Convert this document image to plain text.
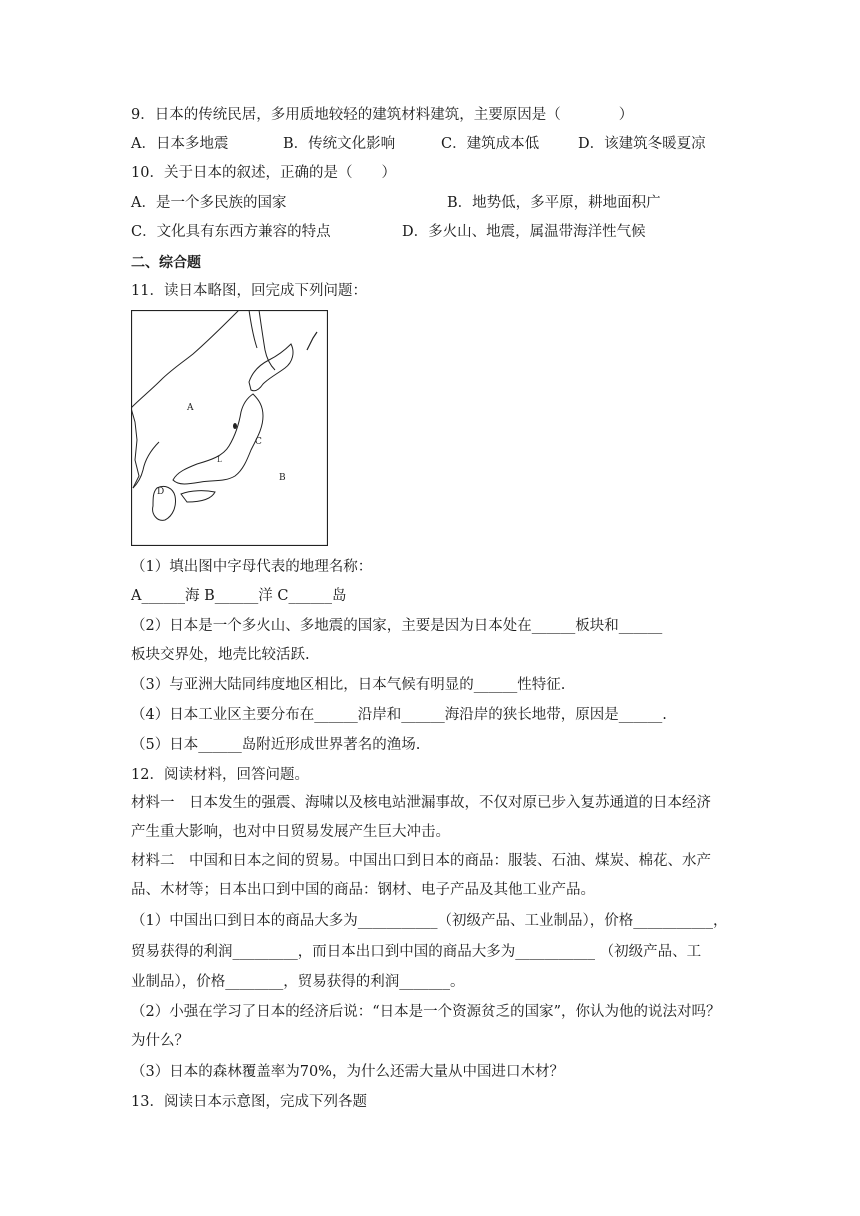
9．日本的传统民居，多用质地较轻的建筑材料建筑，主要原因是（　　　　）
A．日本多地震	B．传统文化影响	C．建筑成本低	D．该建筑冬暖夏凉
10．关于日本的叙述，正确的是（　　）
A．是一个多民族的国家	B．地势低，多平原，耕地面积广
C．文化具有东西方兼容的特点	D．多火山、地震，属温带海洋性气候
二、综合题
11．读日本略图，回完成下列问题：
A
B
C
D
L
（1）填出图中字母代表的地理名称：
A______海 B______洋 C______岛
（2）日本是一个多火山、多地震的国家，主要是因为日本处在______板块和______
板块交界处，地壳比较活跃.
（3）与亚洲大陆同纬度地区相比，日本气候有明显的______性特征.
（4）日本工业区主要分布在______沿岸和______海沿岸的狭长地带，原因是______.
（5）日本______岛附近形成世界著名的渔场.
12．阅读材料，回答问题。
材料一　日本发生的强震、海啸以及核电站泄漏事故，不仅对原已步入复苏通道的日本经济
产生重大影响，也对中日贸易发展产生巨大冲击。
材料二　中国和日本之间的贸易。中国出口到日本的商品：服装、石油、煤炭、棉花、水产
品、木材等；日本出口到中国的商品：钢材、电子产品及其他工业产品。
（1）中国出口到日本的商品大多为___________（初级产品、工业制品），价格___________，
贸易获得的利润_________，而日本出口到中国的商品大多为___________ （初级产品、工
业制品），价格________，贸易获得的利润_______。
（2）小强在学习了日本的经济后说：“日本是一个资源贫乏的国家”，你认为他的说法对吗？
为什么？
（3）日本的森林覆盖率为70%，为什么还需大量从中国进口木材？
13．阅读日本示意图，完成下列各题
